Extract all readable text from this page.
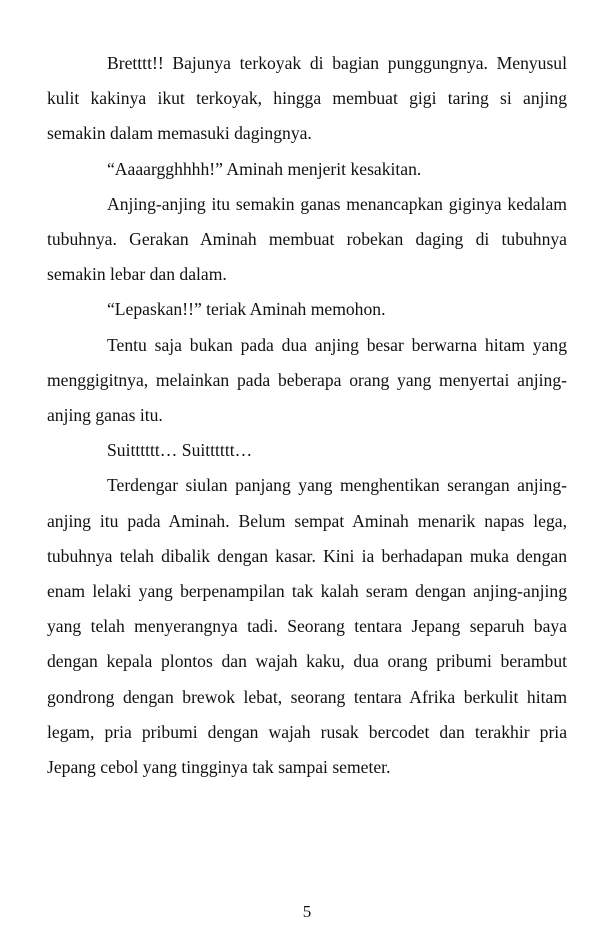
Bretttt!! Bajunya terkoyak di bagian punggungnya. Menyusul kulit kakinya ikut terkoyak, hingga membuat gigi taring si anjing semakin dalam memasuki dagingnya.

“Aaaargghhhh!” Aminah menjerit kesakitan.

Anjing-anjing itu semakin ganas menancapkan giginya kedalam tubuhnya. Gerakan Aminah membuat robekan daging di tubuhnya semakin lebar dan dalam.

“Lepaskan!!” teriak Aminah memohon.

Tentu saja bukan pada dua anjing besar berwarna hitam yang menggigitnya, melainkan pada beberapa orang yang menyertai anjing-anjing ganas itu.

Suitttttt… Suitttttt…

Terdengar siulan panjang yang menghentikan serangan anjing-anjing itu pada Aminah. Belum sempat Aminah menarik napas lega, tubuhnya telah dibalik dengan kasar. Kini ia berhadapan muka dengan enam lelaki yang berpenampilan tak kalah seram dengan anjing-anjing yang telah menyerangnya tadi. Seorang tentara Jepang separuh baya dengan kepala plontos dan wajah kaku, dua orang pribumi berambut gondrong dengan brewok lebat, seorang tentara Afrika berkulit hitam legam, pria pribumi dengan wajah rusak bercodet dan terakhir pria Jepang cebol yang tingginya tak sampai semeter.

5
